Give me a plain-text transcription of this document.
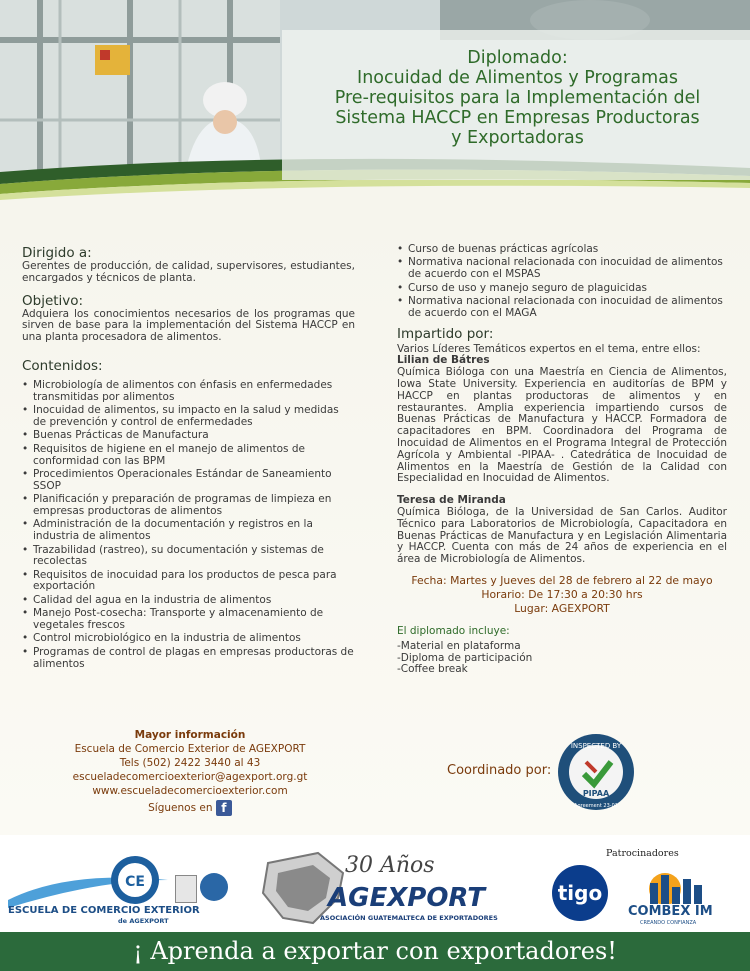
Diplomado:
Inocuidad de Alimentos y Programas
Pre-requisitos para la Implementación del
Sistema HACCP en Empresas Productoras
y Exportadoras

Dirigido a:

Gerentes de producción, de calidad, supervisores, estudiantes, encargados y técnicos de planta.

Objetivo:

Adquiera los conocimientos necesarios de los programas que sirven de base para la implementación del Sistema HACCP en una planta procesadora de alimentos.

Contenidos:

• Microbiología de alimentos con énfasis en enfermedades transmitidas por alimentos
• Inocuidad de alimentos, su impacto en la salud y medidas de prevención y control de enfermedades
• Buenas Prácticas de Manufactura
• Requisitos de higiene en el manejo de alimentos de conformidad con las BPM
• Procedimientos Operacionales Estándar de Saneamiento SSOP
• Planificación y preparación de programas de limpieza en empresas productoras de alimentos
• Administración de la documentación y registros en la industria de alimentos
• Trazabilidad (rastreo), su documentación y sistemas de recolectas
• Requisitos de inocuidad para los productos de pesca para exportación
• Calidad del agua en la industria de alimentos
• Manejo Post-cosecha: Transporte y almacenamiento de vegetales frescos
• Control microbiológico en la industria de alimentos
• Programas de control de plagas en empresas productoras de alimentos
Mayor información
Escuela de Comercio Exterior de AGEXPORT
Tels (502) 2422 3440 al 43
escueladecomercioexterior@agexport.org.gt
www.escueladecomercioexterior.com
Síguenos en f
• Curso de buenas prácticas agrícolas
• Normativa nacional relacionada con inocuidad de alimentos de acuerdo con el MSPAS
• Curso de uso y manejo seguro de plaguicidas
• Normativa nacional relacionada con inocuidad de alimentos de acuerdo con el MAGA

Impartido por:

Varios Líderes Temáticos expertos en el tema, entre ellos:

Lilian de Bátres

Química Bióloga con una Maestría en Ciencia de Alimentos, Iowa State University. Experiencia en auditorías de BPM y HACCP en plantas productoras de alimentos y en restaurantes. Amplia experiencia impartiendo cursos de Buenas Prácticas de Manufactura y HACCP. Formadora de capacitadores en BPM. Coordinadora del Programa de Inocuidad de Alimentos en el Programa Integral de Protección Agrícola y Ambiental -PIPAA- . Catedrática de Inocuidad de Alimentos en la Maestría de Gestión de la Calidad con Especialidad en Inocuidad de Alimentos.

Teresa de Miranda

Química Bióloga, de la Universidad de San Carlos. Auditor Técnico para Laboratorios de Microbiología, Capacitadora en Buenas Prácticas de Manufactura y en Legislación Alimentaria y HACCP. Cuenta con más de 24 años de experiencia en el área de Microbiología de Alimentos.

Fecha: Martes y Jueves del 28 de febrero al 22 de mayo
Horario: De 17:30 a 20:30 hrs
Lugar: AGEXPORT
El diplomado incluye:
-Material en plataforma
-Diploma de participación
-Coffee break
Coordinado por:
INSPECTED BY
PIPAA
Agreement 23-01
CE
ESCUELA DE COMERCIO EXTERIOR
de AGEXPORT
30 Años
AGEXPORT
ASOCIACIÓN GUATEMALTECA DE EXPORTADORES
Patrocinadores
tigo
COMBEX IM
CREANDO CONFIANZA
¡ Aprenda a exportar con exportadores!
